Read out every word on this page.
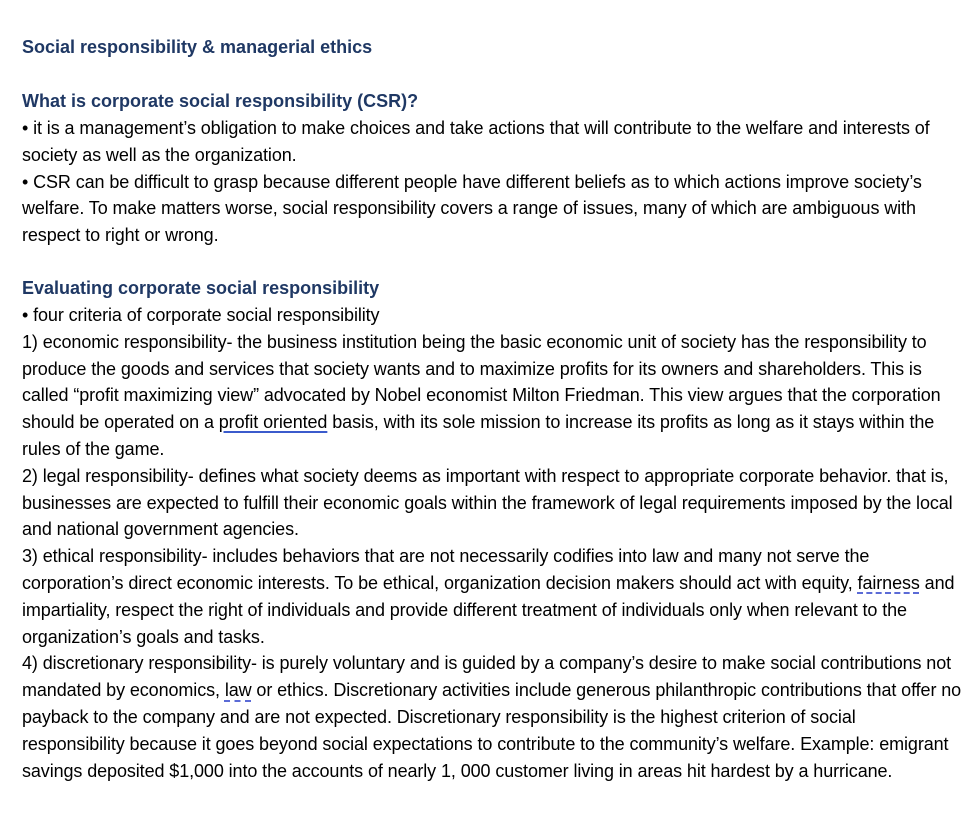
Social responsibility & managerial ethics

What is corporate social responsibility (CSR)?

• it is a management’s obligation to make choices and take actions that will contribute to the welfare and interests of society as well as the organization.

• CSR can be difficult to grasp because different people have different beliefs as to which actions improve society’s welfare. To make matters worse, social responsibility covers a range of issues, many of which are ambiguous with respect to right or wrong.

Evaluating corporate social responsibility

• four criteria of corporate social responsibility

1) economic responsibility- the business institution being the basic economic unit of society has the responsibility to produce the goods and services that society wants and to maximize profits for its owners and shareholders. This is called “profit maximizing view” advocated by Nobel economist Milton Friedman. This view argues that the corporation should be operated on a profit oriented basis, with its sole mission to increase its profits as long as it stays within the rules of the game.

2) legal responsibility- defines what society deems as important with respect to appropriate corporate behavior. that is, businesses are expected to fulfill their economic goals within the framework of legal requirements imposed by the local and national government agencies.

3) ethical responsibility- includes behaviors that are not necessarily codifies into law and many not serve the corporation’s direct economic interests. To be ethical, organization decision makers should act with equity, fairness and impartiality, respect the right of individuals and provide different treatment of individuals only when relevant to the organization’s goals and tasks.

4) discretionary responsibility- is purely voluntary and is guided by a company’s desire to make social contributions not mandated by economics, law or ethics. Discretionary activities include generous philanthropic contributions that offer no payback to the company and are not expected. Discretionary responsibility is the highest criterion of social responsibility because it goes beyond social expectations to contribute to the community’s welfare. Example: emigrant savings deposited $1,000 into the accounts of nearly 1, 000 customer living in areas hit hardest by a hurricane.
